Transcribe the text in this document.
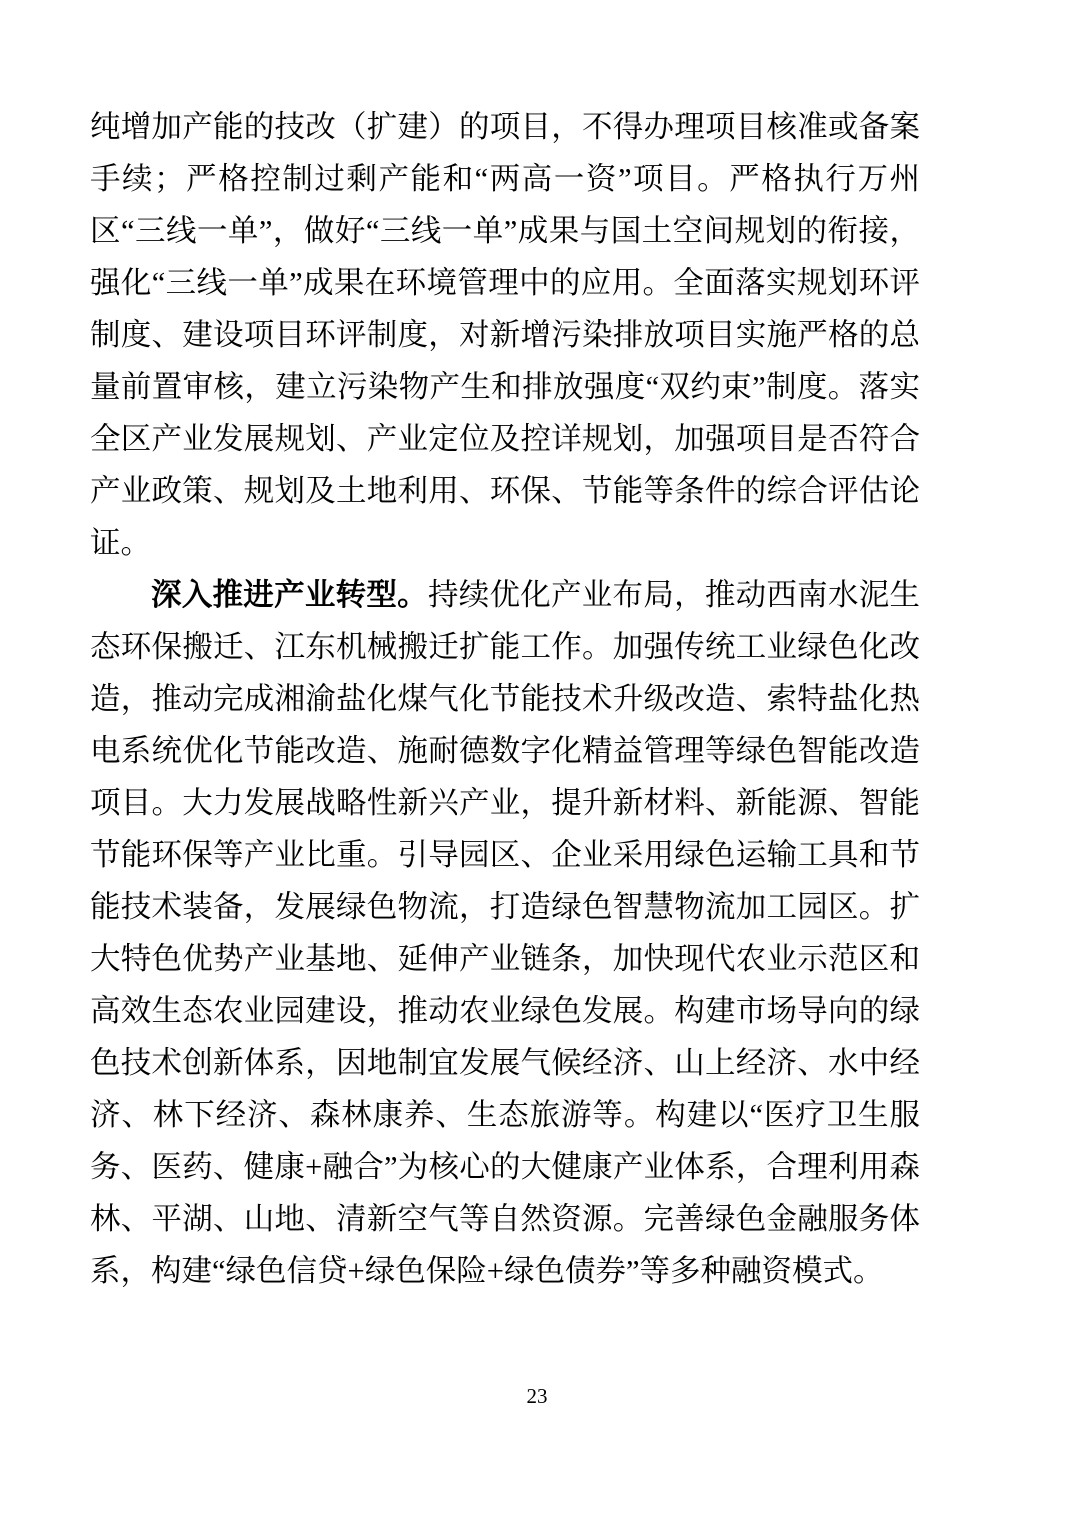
纯增加产能的技改（扩建）的项目，不得办理项目核准或备案手续；严格控制过剩产能和“两高一资”项目。严格执行万州区“三线一单”，做好“三线一单”成果与国土空间规划的衔接，强化“三线一单”成果在环境管理中的应用。全面落实规划环评制度、建设项目环评制度，对新增污染排放项目实施严格的总量前置审核，建立污染物产生和排放强度“双约束”制度。落实全区产业发展规划、产业定位及控详规划，加强项目是否符合产业政策、规划及土地利用、环保、节能等条件的综合评估论证。

深入推进产业转型。持续优化产业布局，推动西南水泥生态环保搬迁、江东机械搬迁扩能工作。加强传统工业绿色化改造，推动完成湘渝盐化煤气化节能技术升级改造、索特盐化热电系统优化节能改造、施耐德数字化精益管理等绿色智能改造项目。大力发展战略性新兴产业，提升新材料、新能源、智能节能环保等产业比重。引导园区、企业采用绿色运输工具和节能技术装备，发展绿色物流，打造绿色智慧物流加工园区。扩大特色优势产业基地、延伸产业链条，加快现代农业示范区和高效生态农业园建设，推动农业绿色发展。构建市场导向的绿色技术创新体系，因地制宜发展气候经济、山上经济、水中经济、林下经济、森林康养、生态旅游等。构建以“医疗卫生服务、医药、健康+融合”为核心的大健康产业体系，合理利用森林、平湖、山地、清新空气等自然资源。完善绿色金融服务体系，构建“绿色信贷+绿色保险+绿色债券”等多种融资模式。

23
